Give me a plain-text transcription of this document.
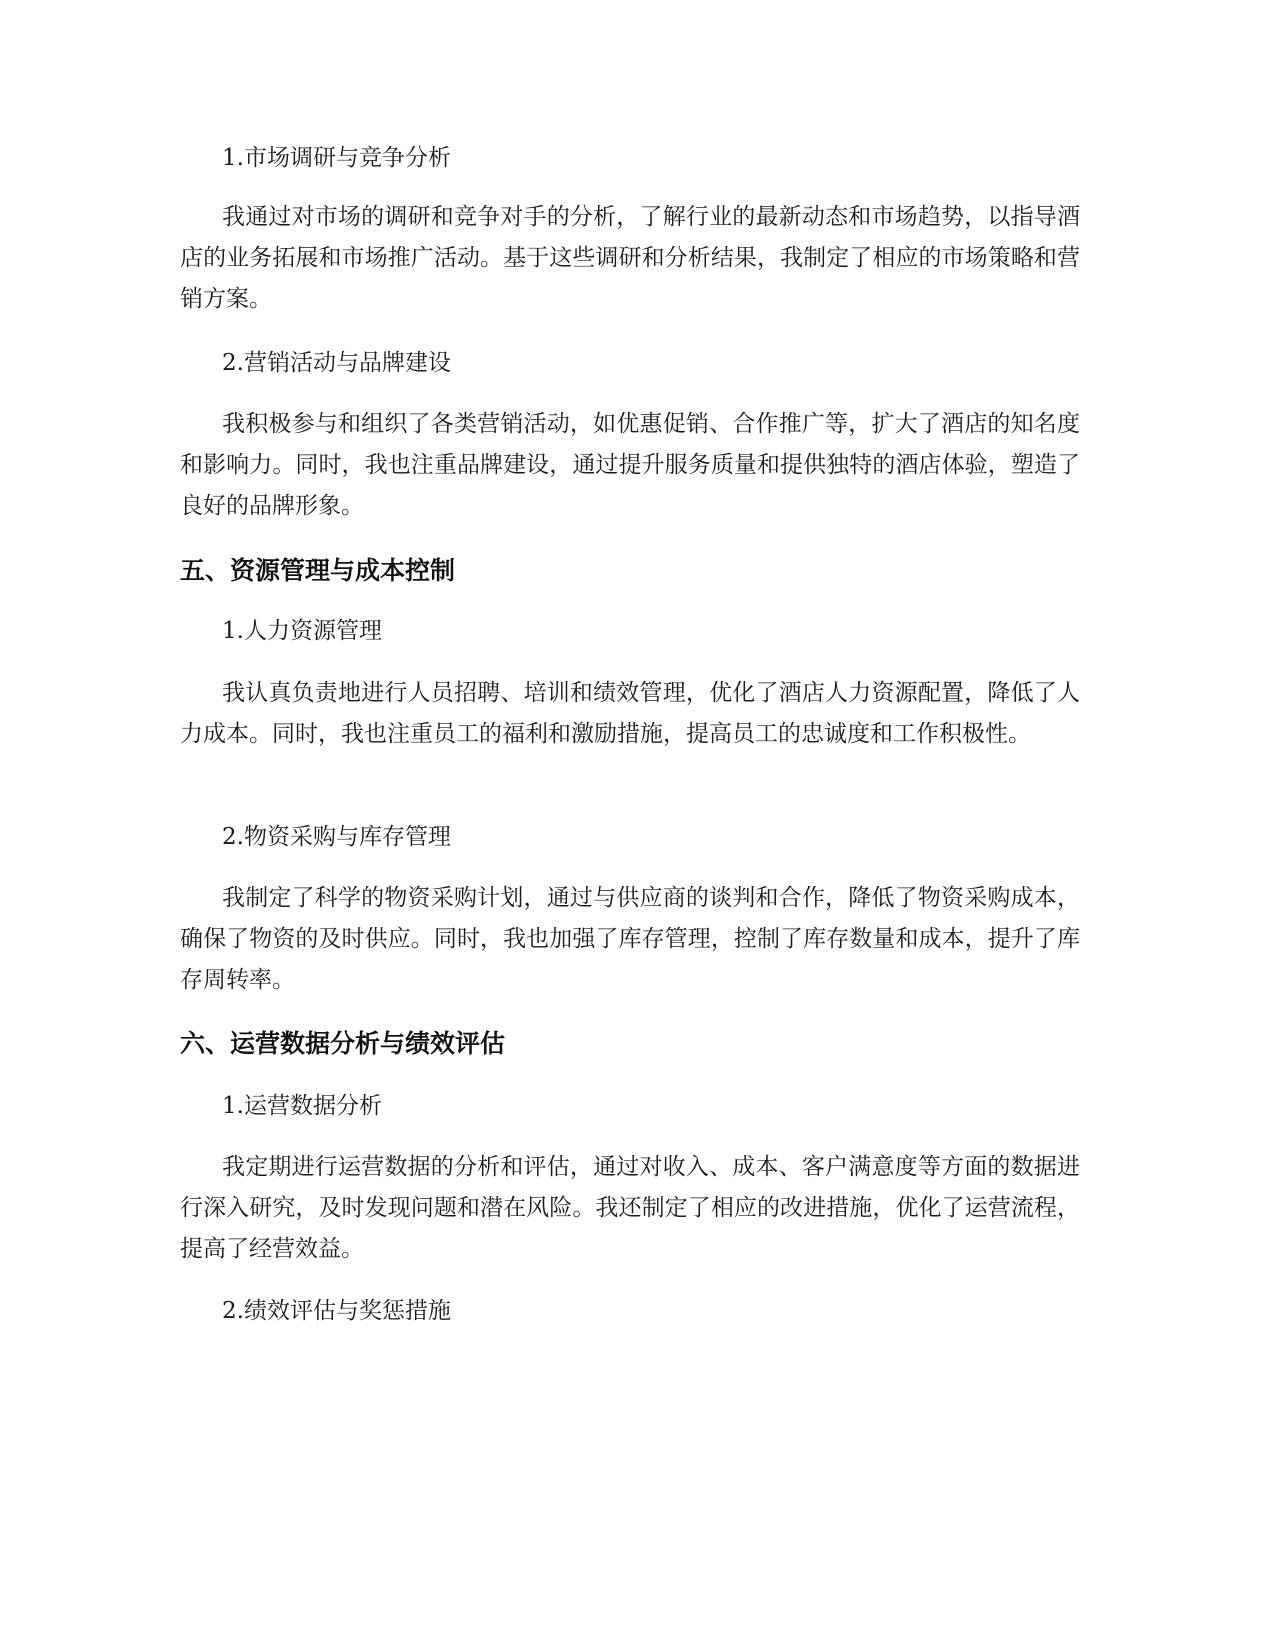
1.市场调研与竞争分析

我通过对市场的调研和竞争对手的分析，了解行业的最新动态和市场趋势，以指导酒店的业务拓展和市场推广活动。基于这些调研和分析结果，我制定了相应的市场策略和营销方案。

2.营销活动与品牌建设

我积极参与和组织了各类营销活动，如优惠促销、合作推广等，扩大了酒店的知名度和影响力。同时，我也注重品牌建设，通过提升服务质量和提供独特的酒店体验，塑造了良好的品牌形象。

五、资源管理与成本控制

1.人力资源管理

我认真负责地进行人员招聘、培训和绩效管理，优化了酒店人力资源配置，降低了人力成本。同时，我也注重员工的福利和激励措施，提高员工的忠诚度和工作积极性。

2.物资采购与库存管理

我制定了科学的物资采购计划，通过与供应商的谈判和合作，降低了物资采购成本，确保了物资的及时供应。同时，我也加强了库存管理，控制了库存数量和成本，提升了库存周转率。

六、运营数据分析与绩效评估

1.运营数据分析

我定期进行运营数据的分析和评估，通过对收入、成本、客户满意度等方面的数据进行深入研究，及时发现问题和潜在风险。我还制定了相应的改进措施，优化了运营流程，提高了经营效益。

2.绩效评估与奖惩措施
